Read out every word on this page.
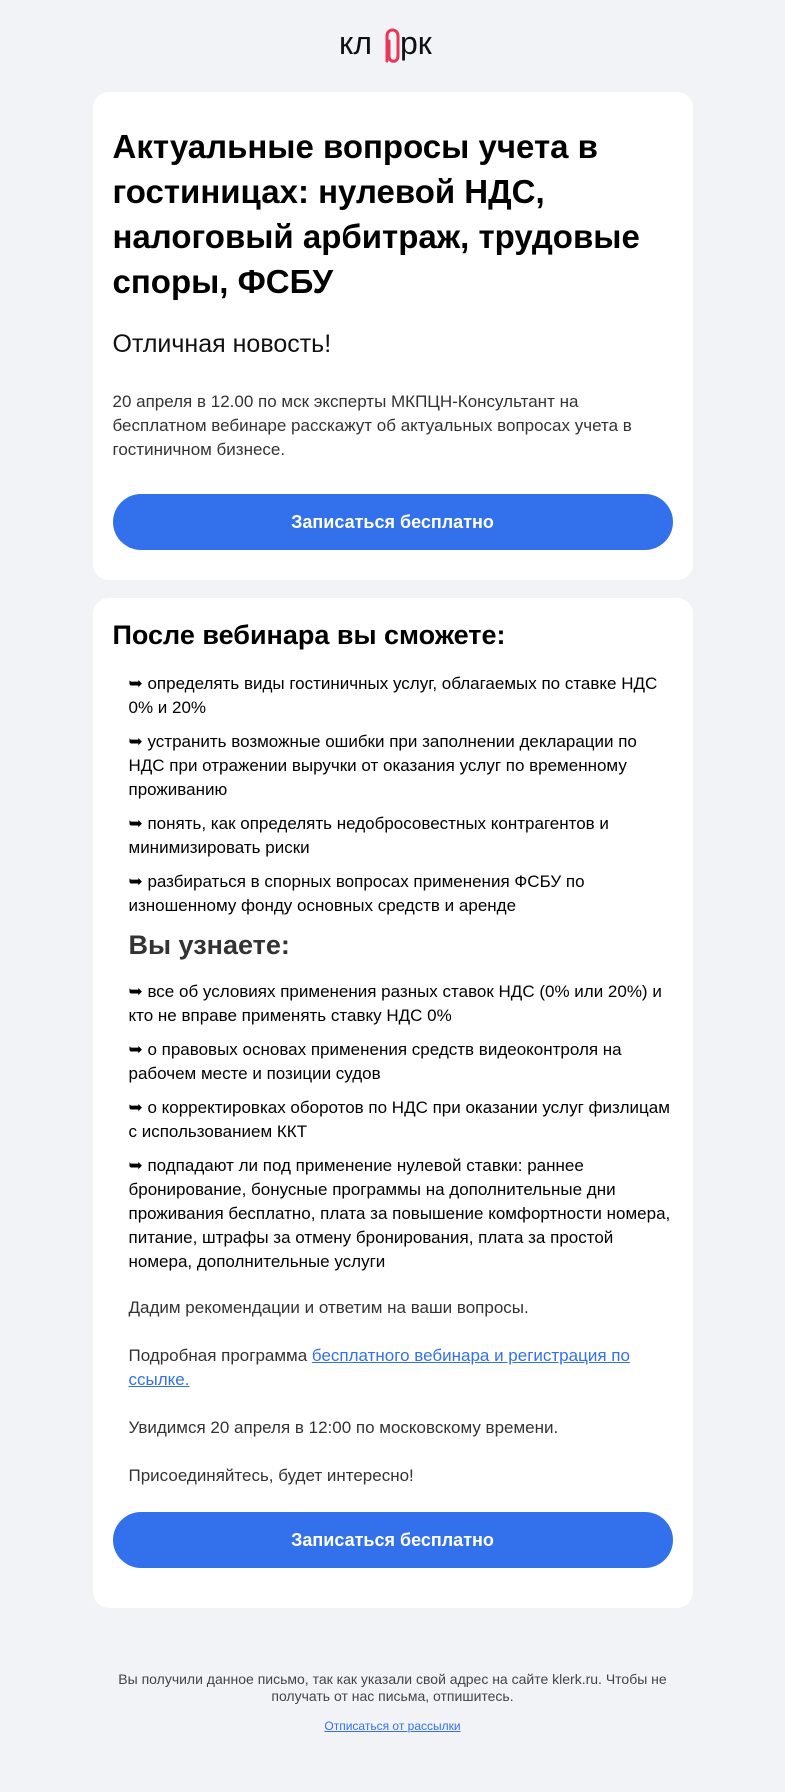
кл рк
Актуальные вопросы учета в гостиницах: нулевой НДС, налоговый арбитраж, трудовые споры, ФСБУ
Отличная новость!

20 апреля в 12.00 по мск эксперты МКПЦН-Консультант на бесплатном вебинаре расскажут об актуальных вопросах учета в гостиничном бизнесе.

Записаться бесплатно
После вебинара вы сможете:
➥ определять виды гостиничных услуг, облагаемых по ставке НДС 0% и 20%
➥ устранить возможные ошибки при заполнении декларации по НДС при отражении выручки от оказания услуг по временному проживанию
➥ понять, как определять недобросовестных контрагентов и минимизировать риски
➥ разбираться в спорных вопросах применения ФСБУ по изношенному фонду основных средств и аренде
Вы узнаете:
➥ все об условиях применения разных ставок НДС (0% или 20%) и кто не вправе применять ставку НДС 0%
➥ о правовых основах применения средств видеоконтроля на рабочем месте и позиции судов
➥ о корректировках оборотов по НДС при оказании услуг физлицам с использованием ККТ
➥ подпадают ли под применение нулевой ставки: раннее бронирование, бонусные программы на дополнительные дни проживания бесплатно, плата за повышение комфортности номера, питание, штрафы за отмену бронирования, плата за простой номера, дополнительные услуги

Дадим рекомендации и ответим на ваши вопросы.

Подробная программа бесплатного вебинара и регистрация по ссылке.

Увидимся 20 апреля в 12:00 по московскому времени.

Присоединяйтесь, будет интересно!

Записаться бесплатно

Вы получили данное письмо, так как указали свой адрес на сайте klerk.ru. Чтобы не получать от нас письма, отпишитесь.

Отписаться от рассылки
